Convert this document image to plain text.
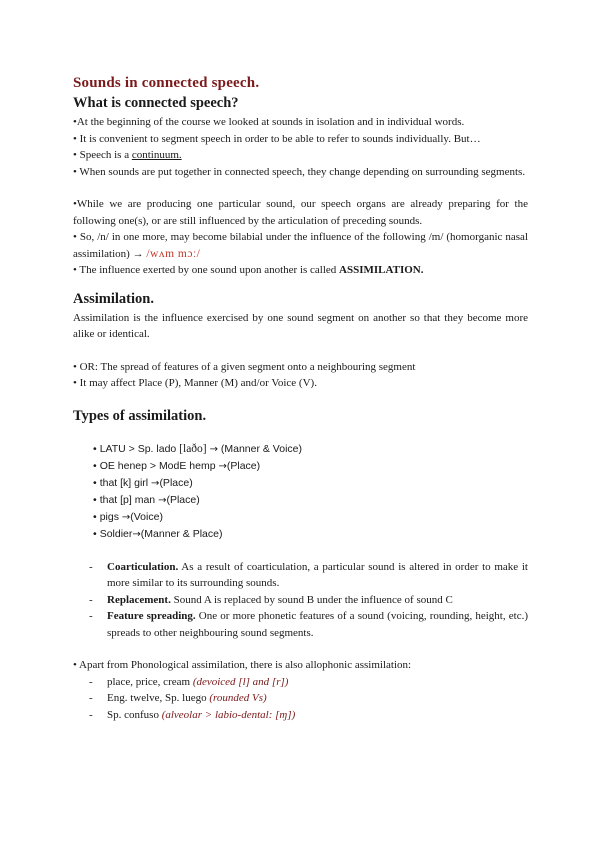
Sounds in connected speech.
What is connected speech?

•At the beginning of the course we looked at sounds in isolation and in individual words.

• It is convenient to segment speech in order to be able to refer to sounds individually. But…

• Speech is a continuum.

• When sounds are put together in connected speech, they change depending on surrounding segments.

•While we are producing one particular sound, our speech organs are already preparing for the following one(s), or are still influenced by the articulation of preceding sounds.

• So, /n/ in one more, may become bilabial under the influence of the following /m/ (homorganic nasal assimilation) → /wʌm mɔː/

• The influence exerted by one sound upon another is called ASSIMILATION.

Assimilation.

Assimilation is the influence exercised by one sound segment on another so that they become more alike or identical.

• OR: The spread of features of a given segment onto a neighbouring segment

• It may affect Place (P), Manner (M) and/or Voice (V).

Types of assimilation.
• LATU > Sp. lado [laðo] → (Manner & Voice)
• OE henep > ModE hemp →(Place)
• that [k] girl →(Place)
• that [p] man →(Place)
• pigs →(Voice)
• Soldier→(Manner & Place)
- Coarticulation. As a result of coarticulation, a particular sound is altered in order to make it more similar to its surrounding sounds.
- Replacement. Sound A is replaced by sound B under the influence of sound C
- Feature spreading. One or more phonetic features of a sound (voicing, rounding, height, etc.) spreads to other neighbouring sound segments.

• Apart from Phonological assimilation, there is also allophonic assimilation:

- place, price, cream (devoiced [l] and [r])
- Eng. twelve, Sp. luego (rounded Vs)
- Sp. confuso (alveolar > labio-dental: [ɱ])
